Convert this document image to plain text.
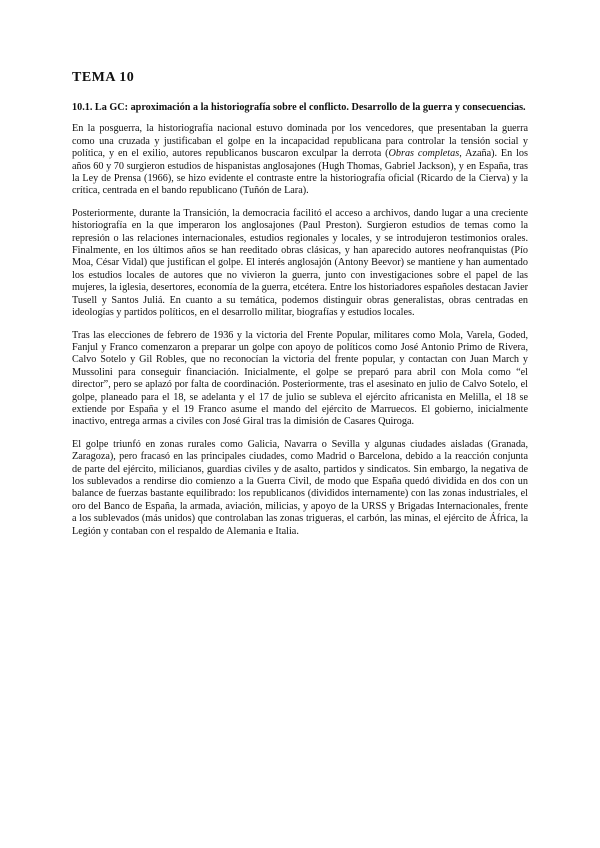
TEMA 10
10.1. La GC: aproximación a la historiografía sobre el conflicto. Desarrollo de la guerra y consecuencias.

En la posguerra, la historiografía nacional estuvo dominada por los vencedores, que presentaban la guerra como una cruzada y justificaban el golpe en la incapacidad republicana para controlar la tensión social y política, y en el exilio, autores republicanos buscaron exculpar la derrota (Obras completas, Azaña). En los años 60 y 70 surgieron estudios de hispanistas anglosajones (Hugh Thomas, Gabriel Jackson), y en España, tras la Ley de Prensa (1966), se hizo evidente el contraste entre la historiografía oficial (Ricardo de la Cierva) y la crítica, centrada en el bando republicano (Tuñón de Lara).

Posteriormente, durante la Transición, la democracia facilitó el acceso a archivos, dando lugar a una creciente historiografía en la que imperaron los anglosajones (Paul Preston). Surgieron estudios de temas como la represión o las relaciones internacionales, estudios regionales y locales, y se introdujeron testimonios orales. Finalmente, en los últimos años se han reeditado obras clásicas, y han aparecido autores neofranquistas (Pío Moa, César Vidal) que justifican el golpe. El interés anglosajón (Antony Beevor) se mantiene y han aumentado los estudios locales de autores que no vivieron la guerra, junto con investigaciones sobre el papel de las mujeres, la iglesia, desertores, economía de la guerra, etcétera. Entre los historiadores españoles destacan Javier Tusell y Santos Juliá. En cuanto a su temática, podemos distinguir obras generalistas, obras centradas en ideologías y partidos políticos, en el desarrollo militar, biografías y estudios locales.

Tras las elecciones de febrero de 1936 y la victoria del Frente Popular, militares como Mola, Varela, Goded, Fanjul y Franco comenzaron a preparar un golpe con apoyo de políticos como José Antonio Primo de Rivera, Calvo Sotelo y Gil Robles, que no reconocían la victoria del frente popular, y contactan con Juan March y Mussolini para conseguir financiación. Inicialmente, el golpe se preparó para abril con Mola como “el director”, pero se aplazó por falta de coordinación. Posteriormente, tras el asesinato en julio de Calvo Sotelo, el golpe, planeado para el 18, se adelanta y el 17 de julio se subleva el ejército africanista en Melilla, el 18 se extiende por España y el 19 Franco asume el mando del ejército de Marruecos. El gobierno, inicialmente inactivo, entrega armas a civiles con José Giral tras la dimisión de Casares Quiroga.

El golpe triunfó en zonas rurales como Galicia, Navarra o Sevilla y algunas ciudades aisladas (Granada, Zaragoza), pero fracasó en las principales ciudades, como Madrid o Barcelona, debido a la reacción conjunta de parte del ejército, milicianos, guardias civiles y de asalto, partidos y sindicatos. Sin embargo, la negativa de los sublevados a rendirse dio comienzo a la Guerra Civil, de modo que España quedó dividida en dos con un balance de fuerzas bastante equilibrado: los republicanos (divididos internamente) con las zonas industriales, el oro del Banco de España, la armada, aviación, milicias, y apoyo de la URSS y Brigadas Internacionales, frente a los sublevados (más unidos) que controlaban las zonas trigueras, el carbón, las minas, el ejército de África, la Legión y contaban con el respaldo de Alemania e Italia.
